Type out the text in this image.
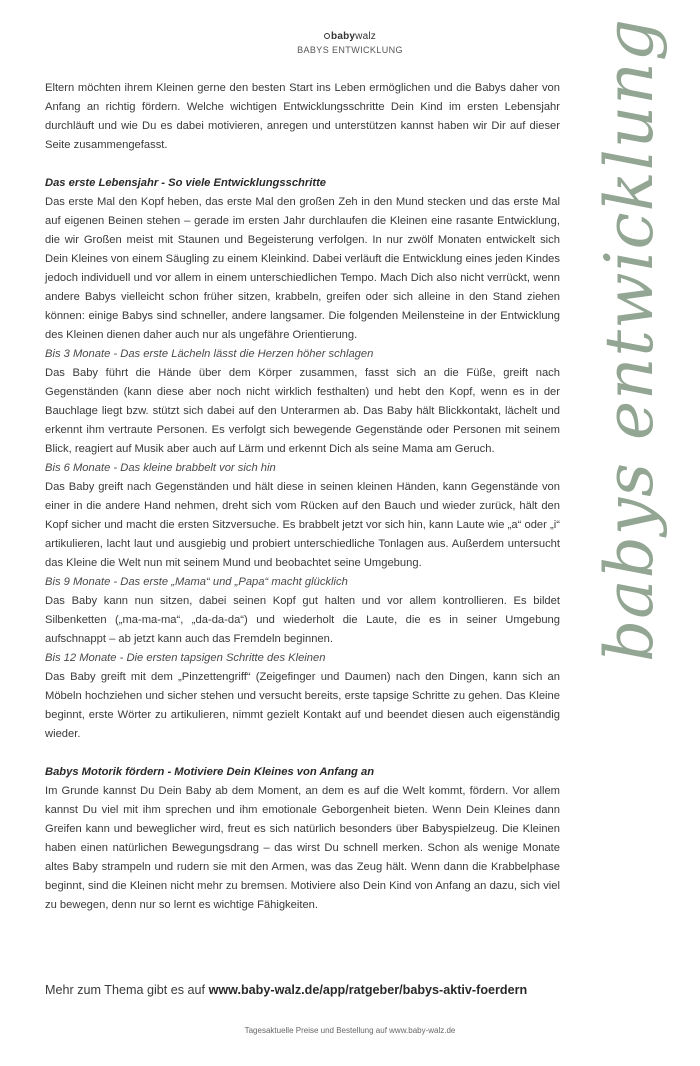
babywalz
BABYS ENTWICKLUNG

Eltern möchten ihrem Kleinen gerne den besten Start ins Leben ermöglichen und die Babys daher von Anfang an richtig fördern. Welche wichtigen Entwicklungsschritte Dein Kind im ersten Lebensjahr durchläuft und wie Du es dabei motivieren, anregen und unterstützen kannst haben wir Dir auf dieser Seite zusammengefasst.

Das erste Lebensjahr - So viele Entwicklungsschritte

Das erste Mal den Kopf heben, das erste Mal den großen Zeh in den Mund stecken und das erste Mal auf eigenen Beinen stehen – gerade im ersten Jahr durchlaufen die Kleinen eine rasante Entwicklung, die wir Großen meist mit Staunen und Begeisterung verfolgen. In nur zwölf Monaten entwickelt sich Dein Kleines von einem Säugling zu einem Kleinkind. Dabei verläuft die Entwicklung eines jeden Kindes jedoch individuell und vor allem in einem unterschiedlichen Tempo. Mach Dich also nicht verrückt, wenn andere Babys vielleicht schon früher sitzen, krabbeln, greifen oder sich alleine in den Stand ziehen können: einige Babys sind schneller, andere langsamer. Die folgenden Meilensteine in der Entwicklung des Kleinen dienen daher auch nur als ungefähre Orientierung.

Bis 3 Monate - Das erste Lächeln lässt die Herzen höher schlagen

Das Baby führt die Hände über dem Körper zusammen, fasst sich an die Füße, greift nach Gegenständen (kann diese aber noch nicht wirklich festhalten) und hebt den Kopf, wenn es in der Bauchlage liegt bzw. stützt sich dabei auf den Unterarmen ab. Das Baby hält Blickkontakt, lächelt und erkennt ihm vertraute Personen. Es verfolgt sich bewegende Gegenstände oder Personen mit seinem Blick, reagiert auf Musik aber auch auf Lärm und erkennt Dich als seine Mama am Geruch.

Bis 6 Monate - Das kleine brabbelt vor sich hin

Das Baby greift nach Gegenständen und hält diese in seinen kleinen Händen, kann Gegenstände von einer in die andere Hand nehmen, dreht sich vom Rücken auf den Bauch und wieder zurück, hält den Kopf sicher und macht die ersten Sitzversuche. Es brabbelt jetzt vor sich hin, kann Laute wie „a“ oder „i“ artikulieren, lacht laut und ausgiebig und probiert unterschiedliche Tonlagen aus. Außerdem untersucht das Kleine die Welt nun mit seinem Mund und beobachtet seine Umgebung.

Bis 9 Monate - Das erste „Mama“ und „Papa“ macht glücklich

Das Baby kann nun sitzen, dabei seinen Kopf gut halten und vor allem kontrollieren. Es bildet Silbenketten („ma-ma-ma“, „da-da-da“) und wiederholt die Laute, die es in seiner Umgebung aufschnappt – ab jetzt kann auch das Fremdeln beginnen.

Bis 12 Monate - Die ersten tapsigen Schritte des Kleinen

Das Baby greift mit dem „Pinzettengriff“ (Zeigefinger und Daumen) nach den Dingen, kann sich an Möbeln hochziehen und sicher stehen und versucht bereits, erste tapsige Schritte zu gehen. Das Kleine beginnt, erste Wörter zu artikulieren, nimmt gezielt Kontakt auf und beendet diesen auch eigenständig wieder.

Babys Motorik fördern - Motiviere Dein Kleines von Anfang an

Im Grunde kannst Du Dein Baby ab dem Moment, an dem es auf die Welt kommt, fördern. Vor allem kannst Du viel mit ihm sprechen und ihm emotionale Geborgenheit bieten. Wenn Dein Kleines dann Greifen kann und beweglicher wird, freut es sich natürlich besonders über Babyspielzeug. Die Kleinen haben einen natürlichen Bewegungsdrang – das wirst Du schnell merken. Schon als wenige Monate altes Baby strampeln und rudern sie mit den Armen, was das Zeug hält. Wenn dann die Krabbelphase beginnt, sind die Kleinen nicht mehr zu bremsen. Motiviere also Dein Kind von Anfang an dazu, sich viel zu bewegen, denn nur so lernt es wichtige Fähigkeiten.

Mehr zum Thema gibt es auf www.baby-walz.de/app/ratgeber/babys-aktiv-foerdern
babys entwicklung
Tagesaktuelle Preise und Bestellung auf www.baby-walz.de
